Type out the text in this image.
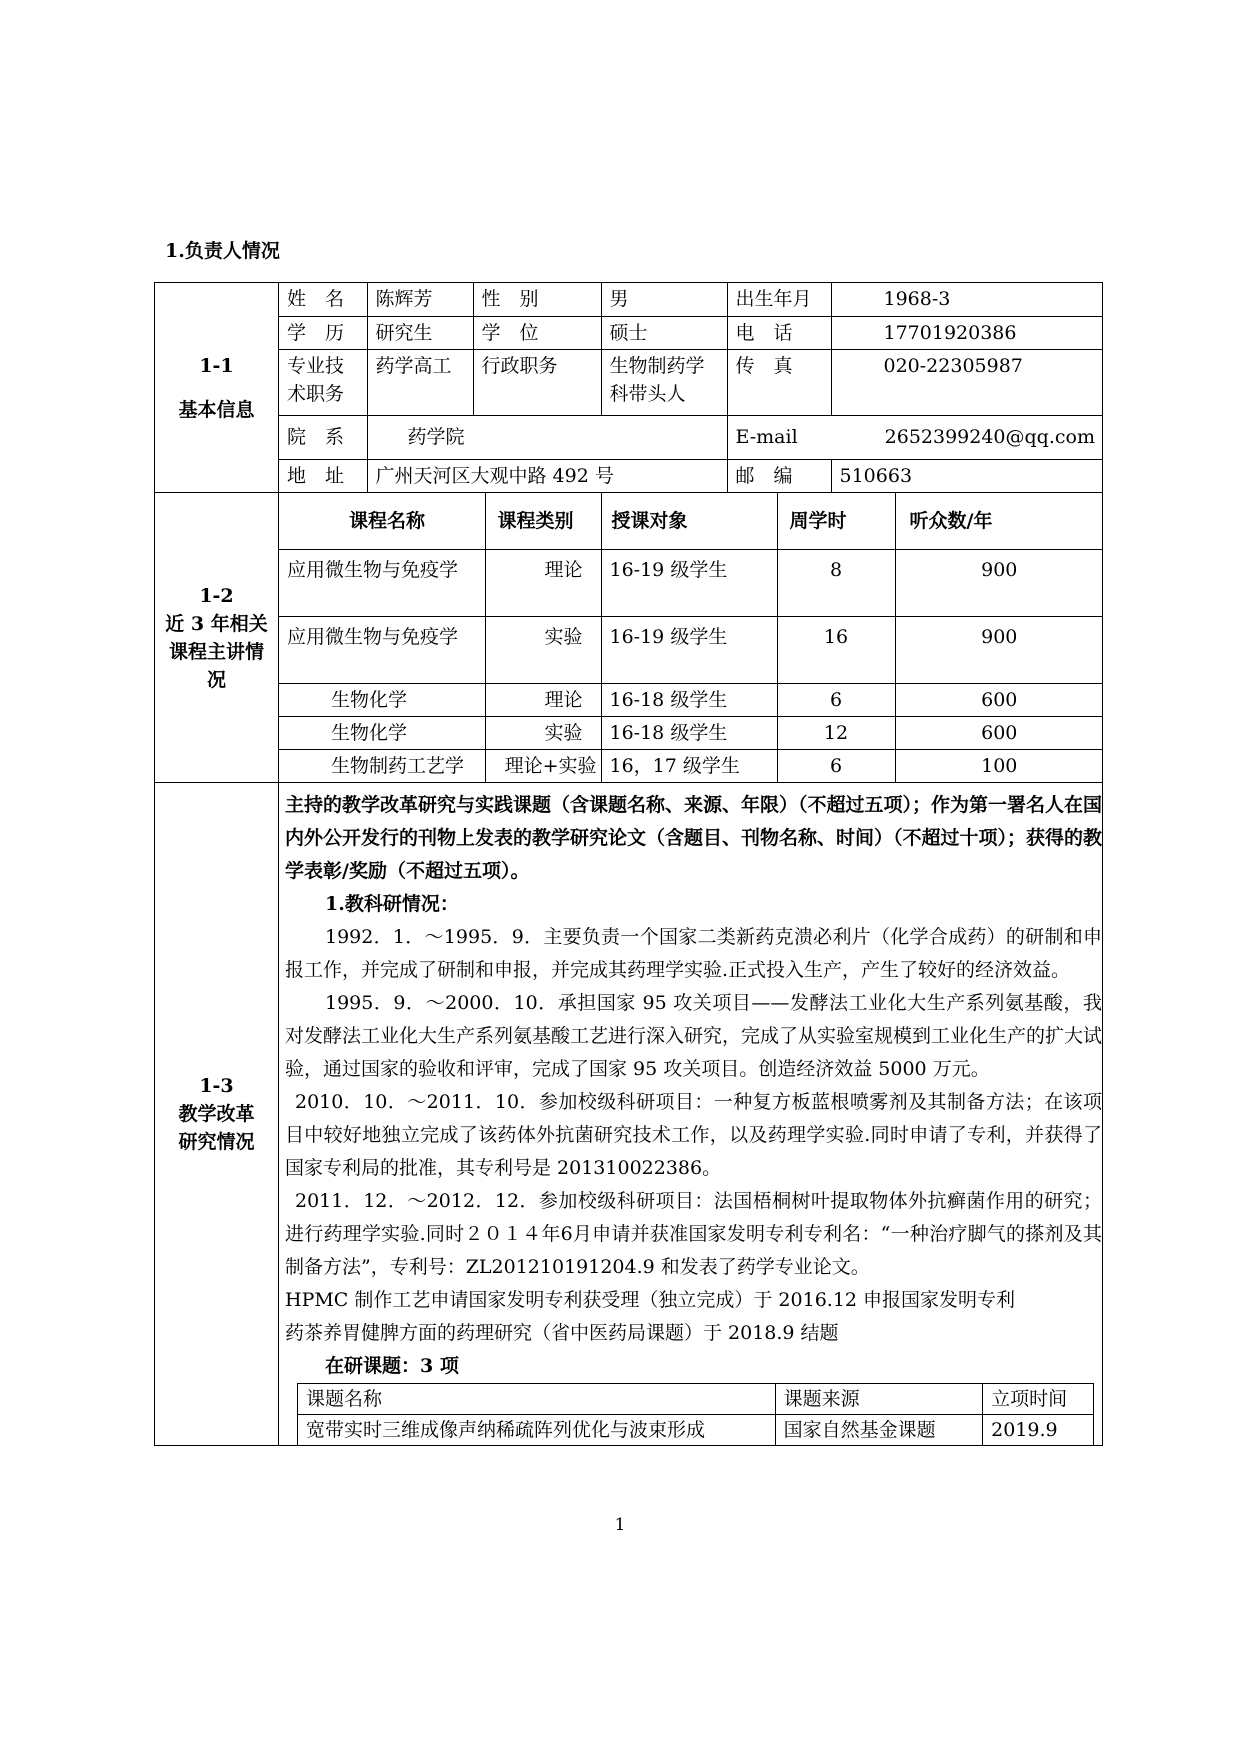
1.负责人情况
1-1
基本信息

姓　名	陈辉芳	性　别	男	出生年月	1968-3
学　历	研究生	学　位	硕士	电　话	17701920386
专业技术职务	药学高工	行政职务	生物制药学科带头人	传　真	020-22305987
院　系	药学院	E-mail	2652399240@qq.com

地　址	广州天河区大观中路 492 号	邮　编	510663

1-2
近 3 年相关课程主讲情况

课程名称	课程类别	授课对象	周学时	听众数/年
应用微生物与免疫学	理论	16-19 级学生	8	900
应用微生物与免疫学	实验	16-19 级学生	16	900
生物化学	理论	16-18 级学生	6	600
生物化学	实验	16-18 级学生	12	600
生物制药工艺学	理论+实验	16，17 级学生	6	100

1-3
教学改革研究情况

主持的教学改革研究与实践课题（含课题名称、来源、年限）（不超过五项）；作为第一署名人在国内外公开发行的刊物上发表的教学研究论文（含题目、刊物名称、时间）（不超过十项）；获得的教学表彰/奖励（不超过五项）。

1.教科研情况：

1992．1．～1995．9．主要负责一个国家二类新药克溃必利片（化学合成药）的研制和申报工作，并完成了研制和申报，并完成其药理学实验.正式投入生产，产生了较好的经济效益。

1995．9．～2000．10．承担国家 95 攻关项目——发酵法工业化大生产系列氨基酸，我对发酵法工业化大生产系列氨基酸工艺进行深入研究，完成了从实验室规模到工业化生产的扩大试验，通过国家的验收和评审，完成了国家 95 攻关项目。创造经济效益 5000 万元。

2010．10．～2011．10．参加校级科研项目：一种复方板蓝根喷雾剂及其制备方法；在该项目中较好地独立完成了该药体外抗菌研究技术工作，以及药理学实验.同时申请了专利，并获得了国家专利局的批准，其专利号是 201310022386。

2011．12．～2012．12．参加校级科研项目：法国梧桐树叶提取物体外抗癣菌作用的研究；进行药理学实验.同时２０１４年6月申请并获准国家发明专利专利名：“一种治疗脚气的搽剂及其制备方法”，专利号：ZL201210191204.9 和发表了药学专业论文。

HPMC 制作工艺申请国家发明专利获受理（独立完成）于 2016.12 申报国家发明专利

药茶养胃健脾方面的药理研究（省中医药局课题）于 2018.9 结题

在研课题：3 项

课题名称	课题来源	立项时间
宽带实时三维成像声纳稀疏阵列优化与波束形成	国家自然基金课题	2019.9
1
